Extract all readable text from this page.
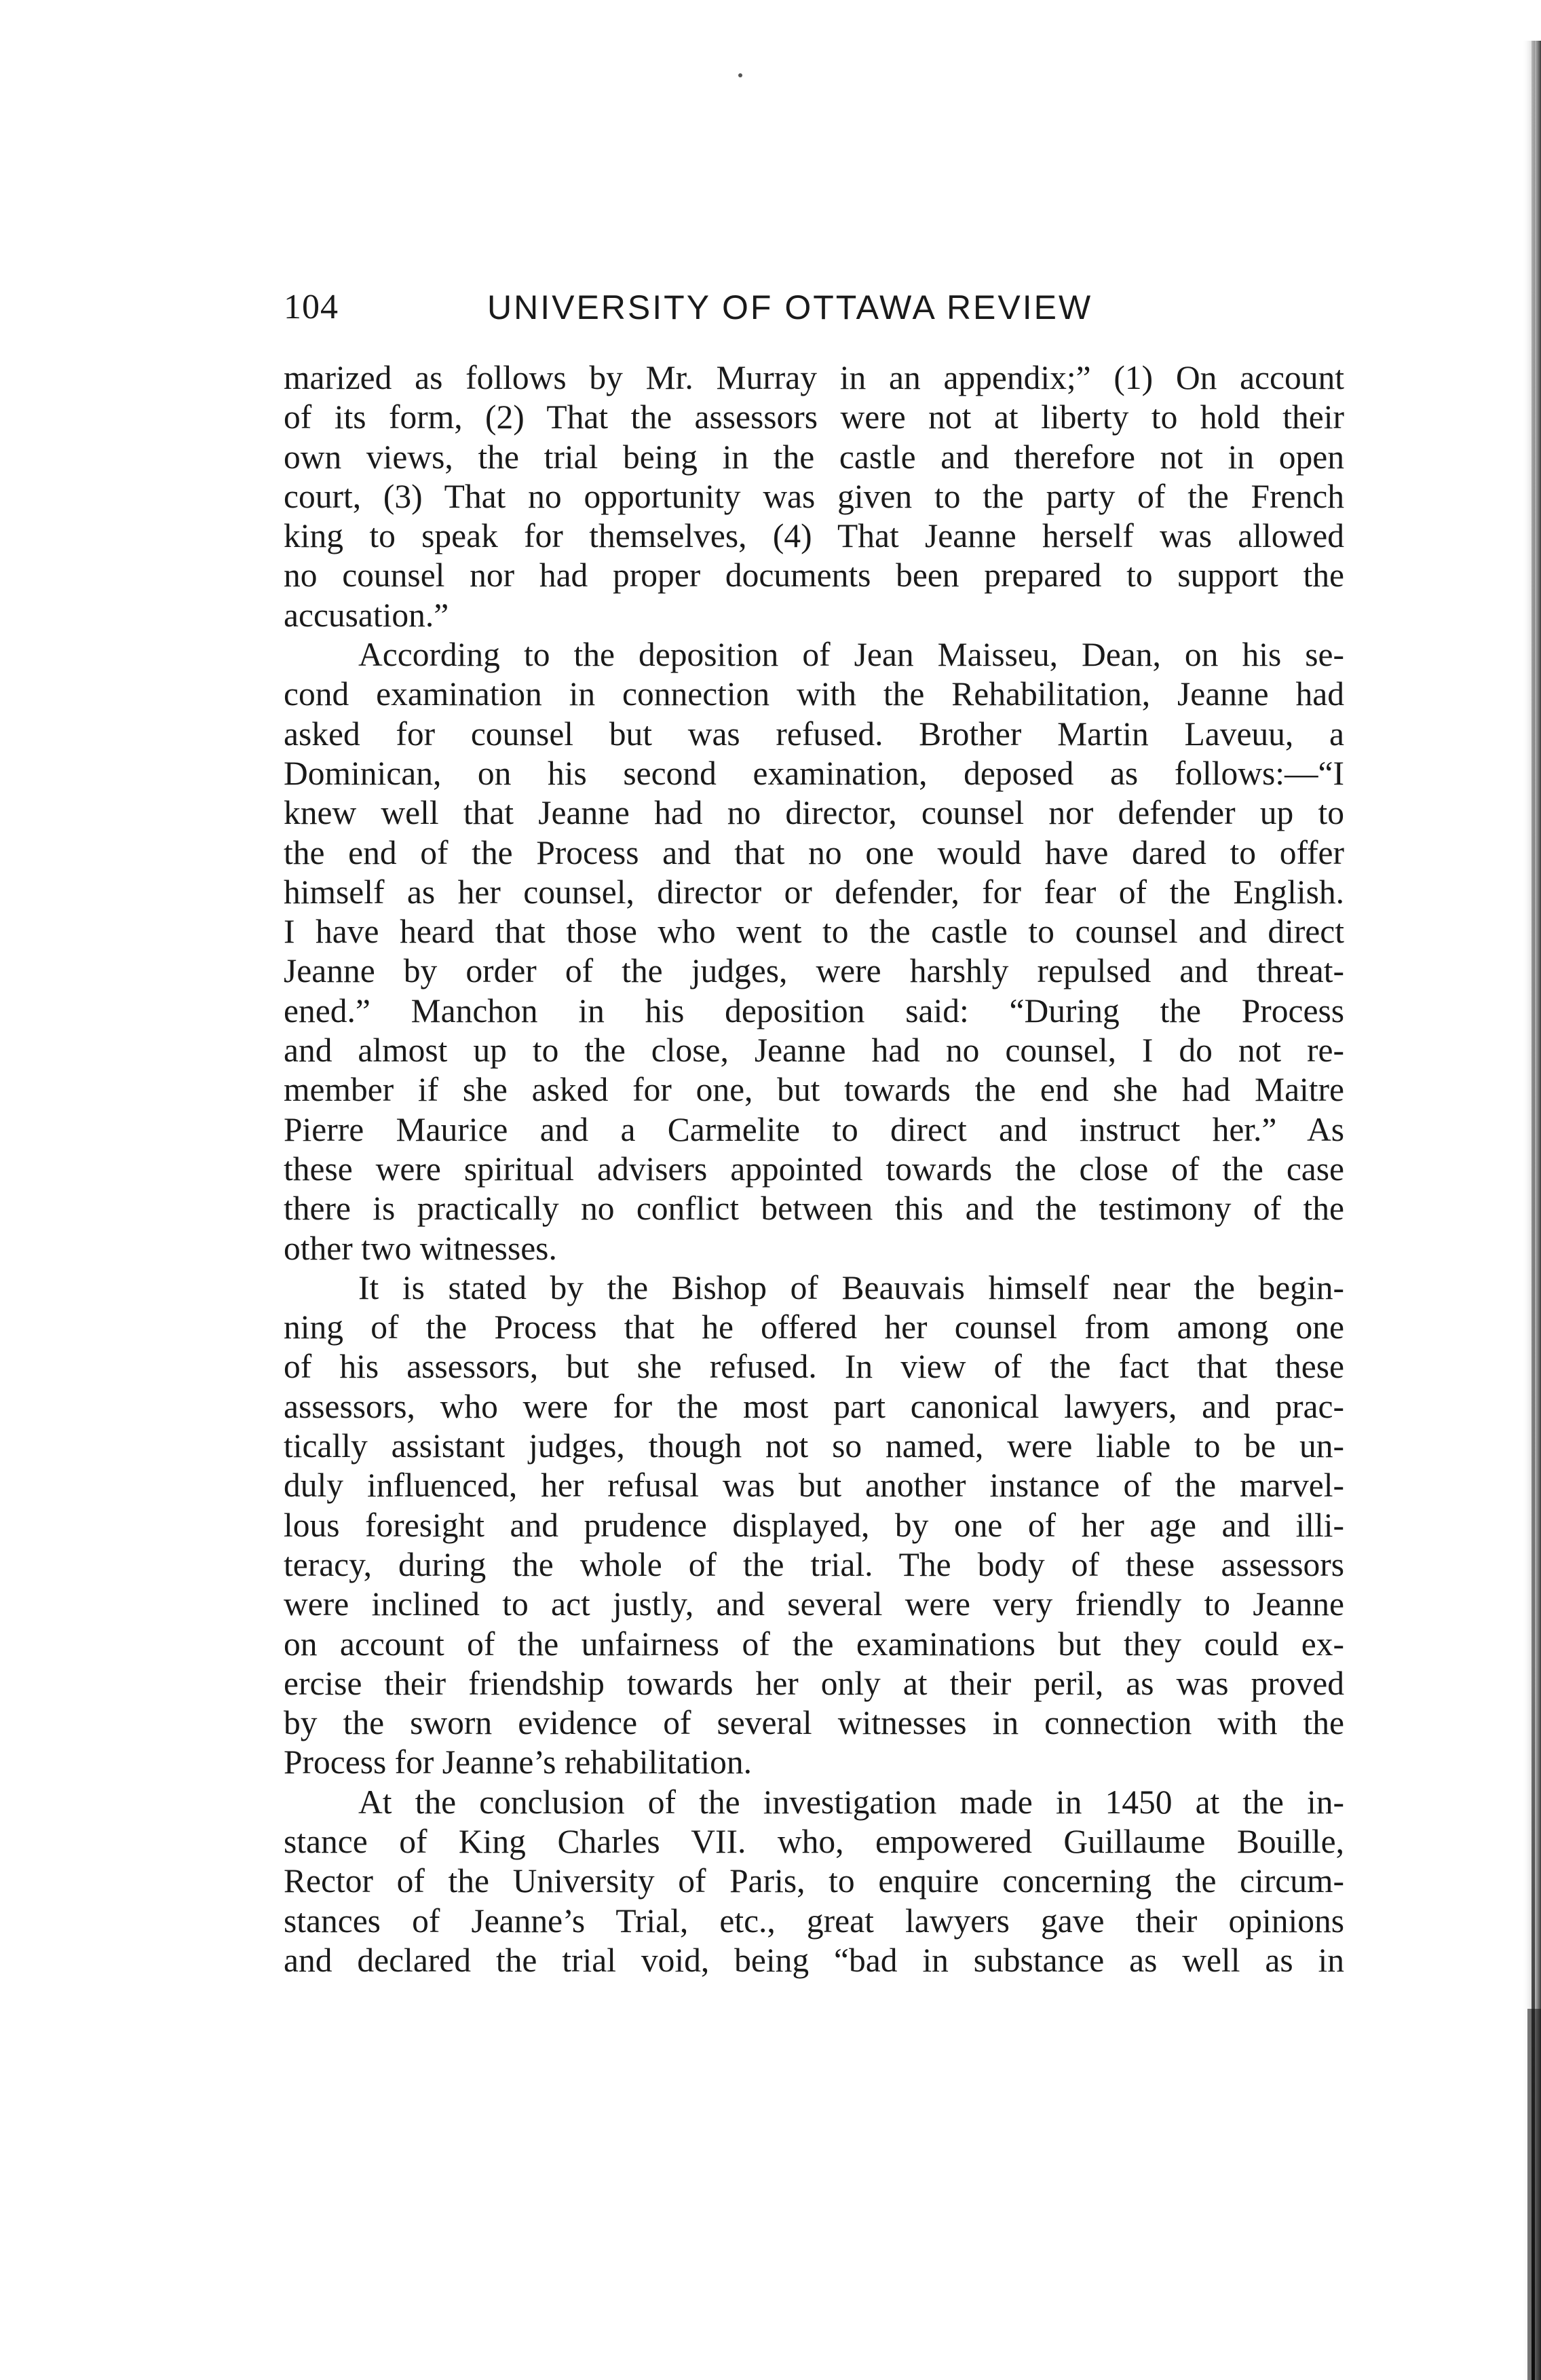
104	UNIVERSITY OF OTTAWA REVIEW
marized as follows by Mr. Murray in an appendix;” (1) On account
of its form, (2) That the assessors were not at liberty to hold their
own views, the trial being in the castle and therefore not in open
court, (3) That no opportunity was given to the party of the French
king to speak for themselves, (4) That Jeanne herself was allowed
no counsel nor had proper documents been prepared to support the
accusation.”
According to the deposition of Jean Maisseu, Dean, on his se-
cond examination in connection with the Rehabilitation, Jeanne had
asked for counsel but was refused. Brother Martin Laveuu, a
Dominican, on his second examination, deposed as follows:—“I
knew well that Jeanne had no director, counsel nor defender up to
the end of the Process and that no one would have dared to offer
himself as her counsel, director or defender, for fear of the English.
I have heard that those who went to the castle to counsel and direct
Jeanne by order of the judges, were harshly repulsed and threat-
ened.” Manchon in his deposition said: “During the Process
and almost up to the close, Jeanne had no counsel, I do not re-
member if she asked for one, but towards the end she had Maitre
Pierre Maurice and a Carmelite to direct and instruct her.” As
these were spiritual advisers appointed towards the close of the case
there is practically no conflict between this and the testimony of the
other two witnesses.
It is stated by the Bishop of Beauvais himself near the begin-
ning of the Process that he offered her counsel from among one
of his assessors, but she refused. In view of the fact that these
assessors, who were for the most part canonical lawyers, and prac-
tically assistant judges, though not so named, were liable to be un-
duly influenced, her refusal was but another instance of the marvel-
lous foresight and prudence displayed, by one of her age and illi-
teracy, during the whole of the trial. The body of these assessors
were inclined to act justly, and several were very friendly to Jeanne
on account of the unfairness of the examinations but they could ex-
ercise their friendship towards her only at their peril, as was proved
by the sworn evidence of several witnesses in connection with the
Process for Jeanne’s rehabilitation.
At the conclusion of the investigation made in 1450 at the in-
stance of King Charles VII. who, empowered Guillaume Bouille,
Rector of the University of Paris, to enquire concerning the circum-
stances of Jeanne’s Trial, etc., great lawyers gave their opinions
and declared the trial void, being “bad in substance as well as in
